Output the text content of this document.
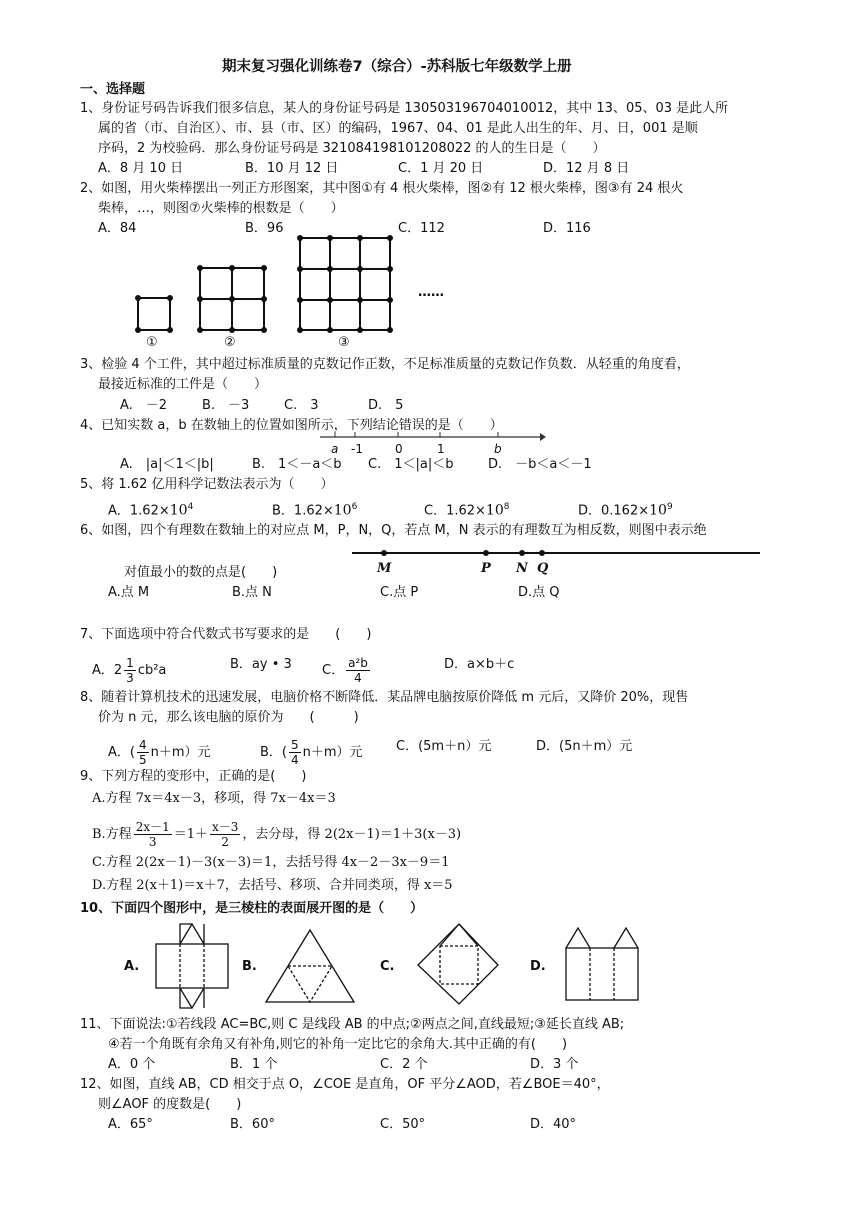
期末复习强化训练卷7（综合）-苏科版七年级数学上册
一、选择题
1、身份证号码告诉我们很多信息，某人的身份证号码是 130503196704010012，其中 13、05、03 是此人所
属的省（市、自治区）、市、县（市、区）的编码，1967、04、01 是此人出生的年、月、日，001 是顺
序码，2 为校验码．那么身份证号码是 321084198101208022 的人的生日是（　　）
A．8 月 10 日	B．10 月 12 日	C．1 月 20 日	D．12 月 8 日
2、如图，用火柴棒摆出一列正方形图案，其中图①有 4 根火柴棒，图②有 12 根火柴棒，图③有 24 根火
柴棒，…，则图⑦火柴棒的根数是（　　）
A．84	B．96	C．112	D．116
①	②	③
……
3、检验 4 个工件，其中超过标准质量的克数记作正数，不足标准质量的克数记作负数．从轻重的角度看，
最接近标准的工件是（　　）
A.　－2	B.　－3	C.　3	D.　5
4、已知实数 a，b 在数轴上的位置如图所示，下列结论错误的是（　　）
a -1	0	1	b
A.　|a|＜1＜|b|	B.　1＜－a＜b C.　1＜|a|＜b	D.　－b＜a＜－1
5、将 1.62 亿用科学记数法表示为（　　）
A．$1.62\times 10^4$	B．$1.62\times 10^6$	C．$1.62\times 10^8$	D．$0.162\times 10^9$
6、如图，四个有理数在数轴上的对应点 M，P，N，Q，若点 M，N 表示的有理数互为相反数，则图中表示绝
对值最小的数的点是(　　)	M	P N Q
A.点 M	B.点 N	C.点 P	D.点 Q
7、下面选项中符合代数式书写要求的是　　(　　)
A．$2 \frac{1}{3} cb^2a$	B．ay • 3 C． $\frac{\text{a²b}}{4}$	D．a×b＋c
8、随着计算机技术的迅速发展，电脑价格不断降低．某品牌电脑按原价降低 m 元后，又降价 20%，现售
价为 n 元，那么该电脑的原价为　　(　　　)
A．( $\frac{4}{5} n+m$）元	B．( $\frac{5}{4} n+m$）元	C．(5m＋n）元	D．(5n＋m）元
9、下列方程的变形中，正确的是(　　)
A.方程 7x＝4x－3，移项，得 7x－4x＝3
B.方程 $\frac{2x-1}{3} =1+ \frac{x-3}{2}$ ，去分母，得 2(2x－1)＝1＋3(x－3)
C.方程 2(2x－1)－3(x－3)＝1，去括号得 4x－2－3x－9＝1
D.方程 2(x＋1)＝x＋7，去括号、移项、合并同类项，得 x＝5
10、下面四个图形中，是三棱柱的表面展开图的是（　　）
A.	B.	C.	D.
11、下面说法:①若线段 AC=BC,则 C 是线段 AB 的中点;②两点之间,直线最短;③延长直线 AB;
④若一个角既有余角又有补角,则它的补角一定比它的余角大.其中正确的有(　　)
A．0 个	B．1 个	C．2 个	D．3 个
12、如图，直线 AB，CD 相交于点 O，∠COE 是直角，OF 平分∠AOD，若∠BOE＝40°，
则∠AOF 的度数是(　　)
A．65°	B．60°	C．50°	D．40°
